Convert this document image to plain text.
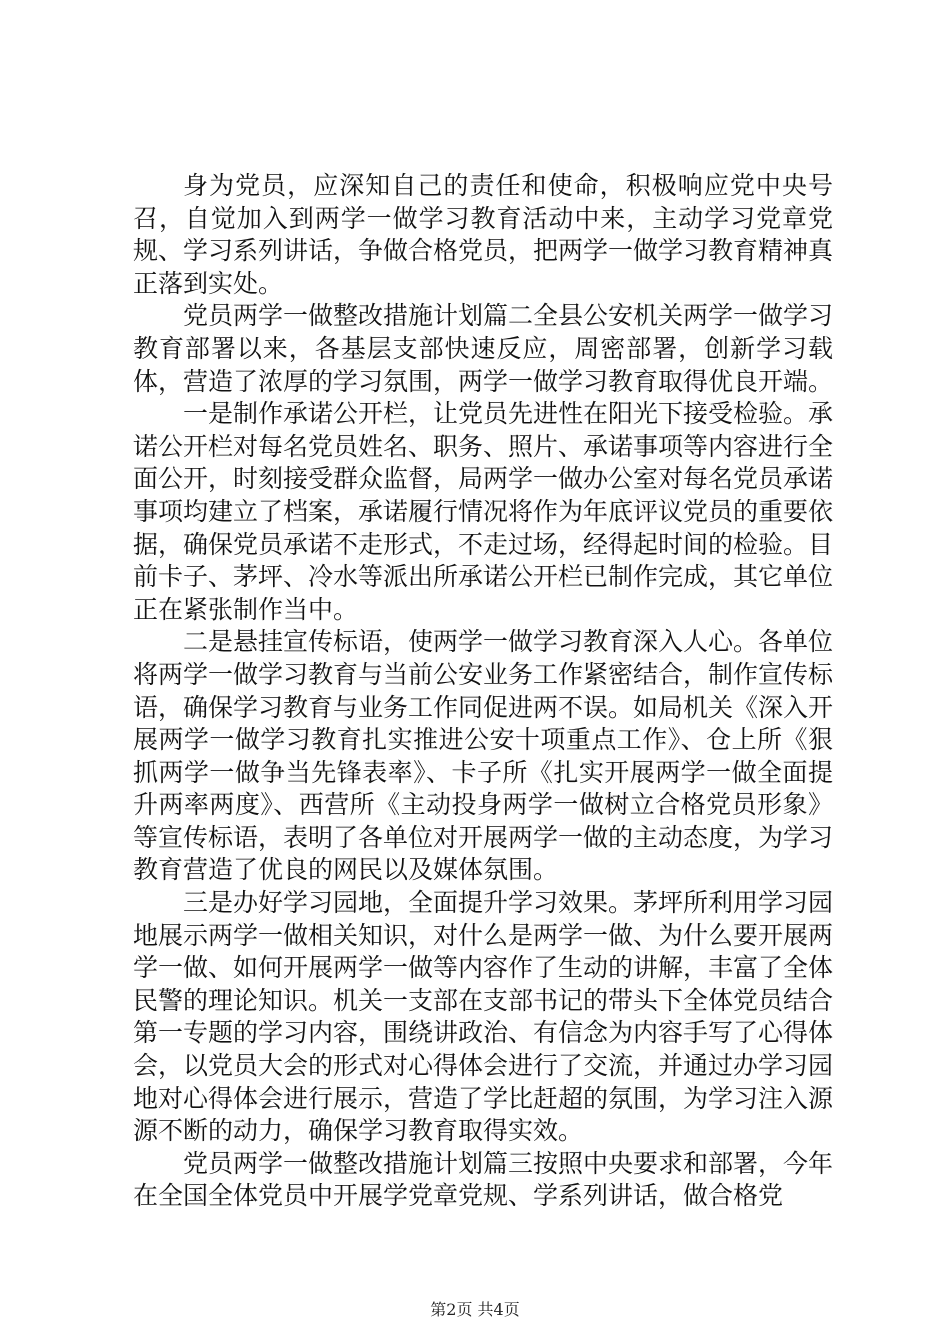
身为党员，应深知自己的责任和使命，积极响应党中央号召，自觉加入到两学一做学习教育活动中来，主动学习党章党规、学习系列讲话，争做合格党员，把两学一做学习教育精神真正落到实处。

党员两学一做整改措施计划篇二全县公安机关两学一做学习教育部署以来，各基层支部快速反应，周密部署，创新学习载体，营造了浓厚的学习氛围，两学一做学习教育取得优良开端。

一是制作承诺公开栏，让党员先进性在阳光下接受检验。承诺公开栏对每名党员姓名、职务、照片、承诺事项等内容进行全面公开，时刻接受群众监督，局两学一做办公室对每名党员承诺事项均建立了档案，承诺履行情况将作为年底评议党员的重要依据，确保党员承诺不走形式，不走过场，经得起时间的检验。目前卡子、茅坪、冷水等派出所承诺公开栏已制作完成，其它单位正在紧张制作当中。

二是悬挂宣传标语，使两学一做学习教育深入人心。各单位将两学一做学习教育与当前公安业务工作紧密结合，制作宣传标语，确保学习教育与业务工作同促进两不误。如局机关《深入开展两学一做学习教育扎实推进公安十项重点工作》、仓上所《狠抓两学一做争当先锋表率》、卡子所《扎实开展两学一做全面提升两率两度》、西营所《主动投身两学一做树立合格党员形象》等宣传标语，表明了各单位对开展两学一做的主动态度，为学习教育营造了优良的网民以及媒体氛围。

三是办好学习园地，全面提升学习效果。茅坪所利用学习园地展示两学一做相关知识，对什么是两学一做、为什么要开展两学一做、如何开展两学一做等内容作了生动的讲解，丰富了全体民警的理论知识。机关一支部在支部书记的带头下全体党员结合第一专题的学习内容，围绕讲政治、有信念为内容手写了心得体会，以党员大会的形式对心得体会进行了交流，并通过办学习园地对心得体会进行展示，营造了学比赶超的氛围，为学习注入源源不断的动力，确保学习教育取得实效。

党员两学一做整改措施计划篇三按照中央要求和部署，今年在全国全体党员中开展学党章党规、学系列讲话，做合格党

第2页 共4页
